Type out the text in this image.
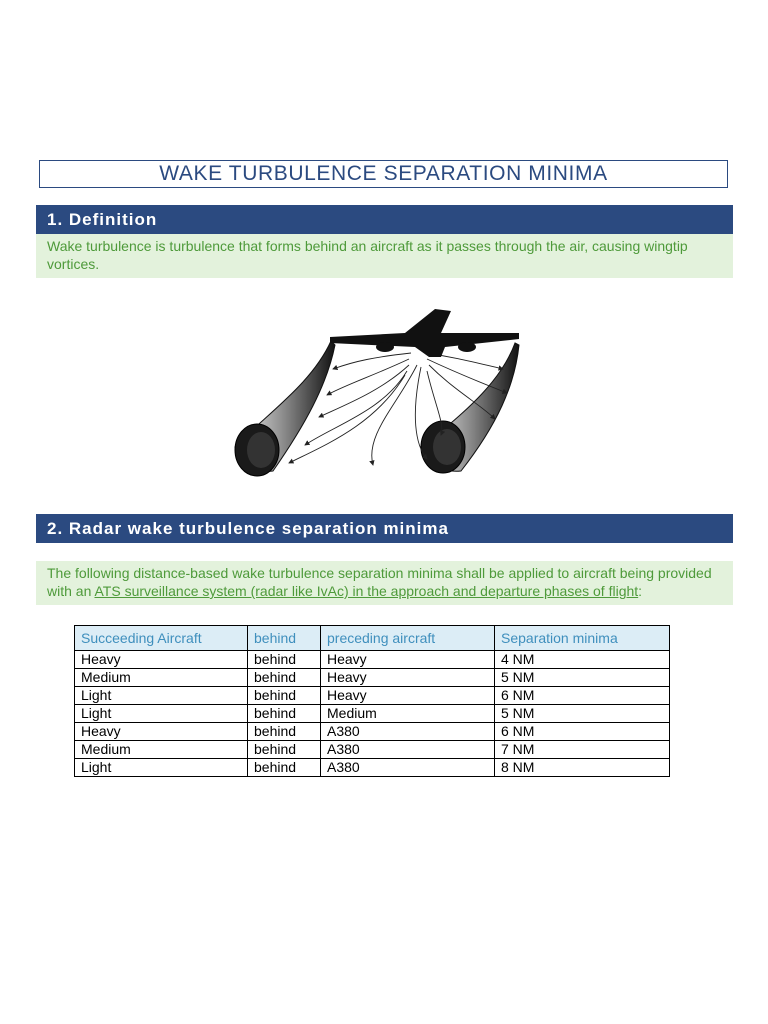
WAKE TURBULENCE SEPARATION MINIMA
1. Definition
Wake turbulence is turbulence that forms behind an aircraft as it passes through the air, causing wingtip vortices.
2. Radar wake turbulence separation minima
The following distance-based wake turbulence separation minima shall be applied to aircraft being provided with an ATS surveillance system (radar like IvAc) in the approach and departure phases of flight:
Succeeding Aircraft	behind	preceding aircraft	Separation minima
Heavy	behind	Heavy	4 NM
Medium	behind	Heavy	5 NM
Light	behind	Heavy	6 NM
Light	behind	Medium	5 NM
Heavy	behind	A380	6 NM
Medium	behind	A380	7 NM
Light	behind	A380	8 NM
